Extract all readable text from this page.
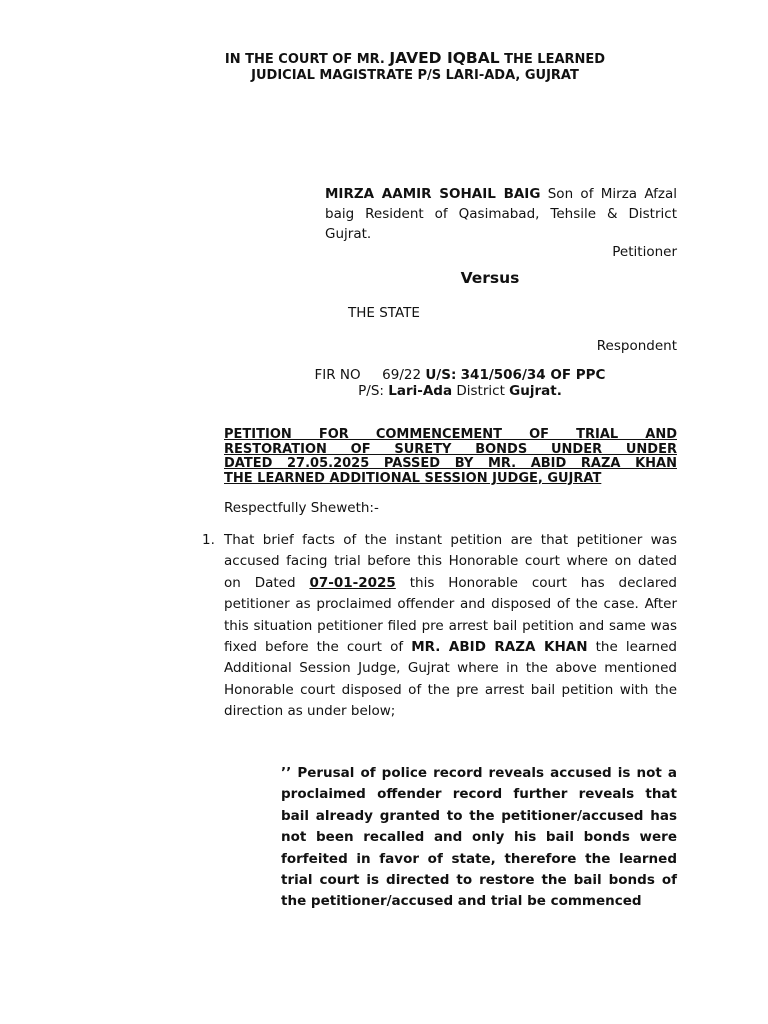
IN THE COURT OF MR. JAVED IQBAL THE LEARNED
JUDICIAL MAGISTRATE P/S LARI-ADA, GUJRAT
MIRZA AAMIR SOHAIL BAIG Son of Mirza Afzal baig Resident of Qasimabad, Tehsile & District Gujrat.
Petitioner
Versus
THE STATE
Respondent
FIR NO 69/22 U/S: 341/506/34 OF PPC
P/S: Lari-Ada District Gujrat.
PETITION FOR COMMENCEMENT OF TRIAL AND
RESTORATION OF SURETY BONDS UNDER UNDER
DATED 27.05.2025 PASSED BY MR. ABID RAZA KHAN
THE LEARNED ADDITIONAL SESSION JUDGE, GUJRAT
Respectfully Sheweth:-
1. That brief facts of the instant petition are that petitioner was accused facing trial before this Honorable court where on dated on Dated 07-01-2025 this Honorable court has declared petitioner as proclaimed offender and disposed of the case. After this situation petitioner filed pre arrest bail petition and same was fixed before the court of MR. ABID RAZA KHAN the learned Additional Session Judge, Gujrat where in the above mentioned Honorable court disposed of the pre arrest bail petition with the direction as under below;
’’ Perusal of police record reveals accused is not a proclaimed offender record further reveals that bail already granted to the petitioner/accused has not been recalled and only his bail bonds were forfeited in favor of state, therefore the learned trial court is directed to restore the bail bonds of the petitioner/accused and trial be commenced
